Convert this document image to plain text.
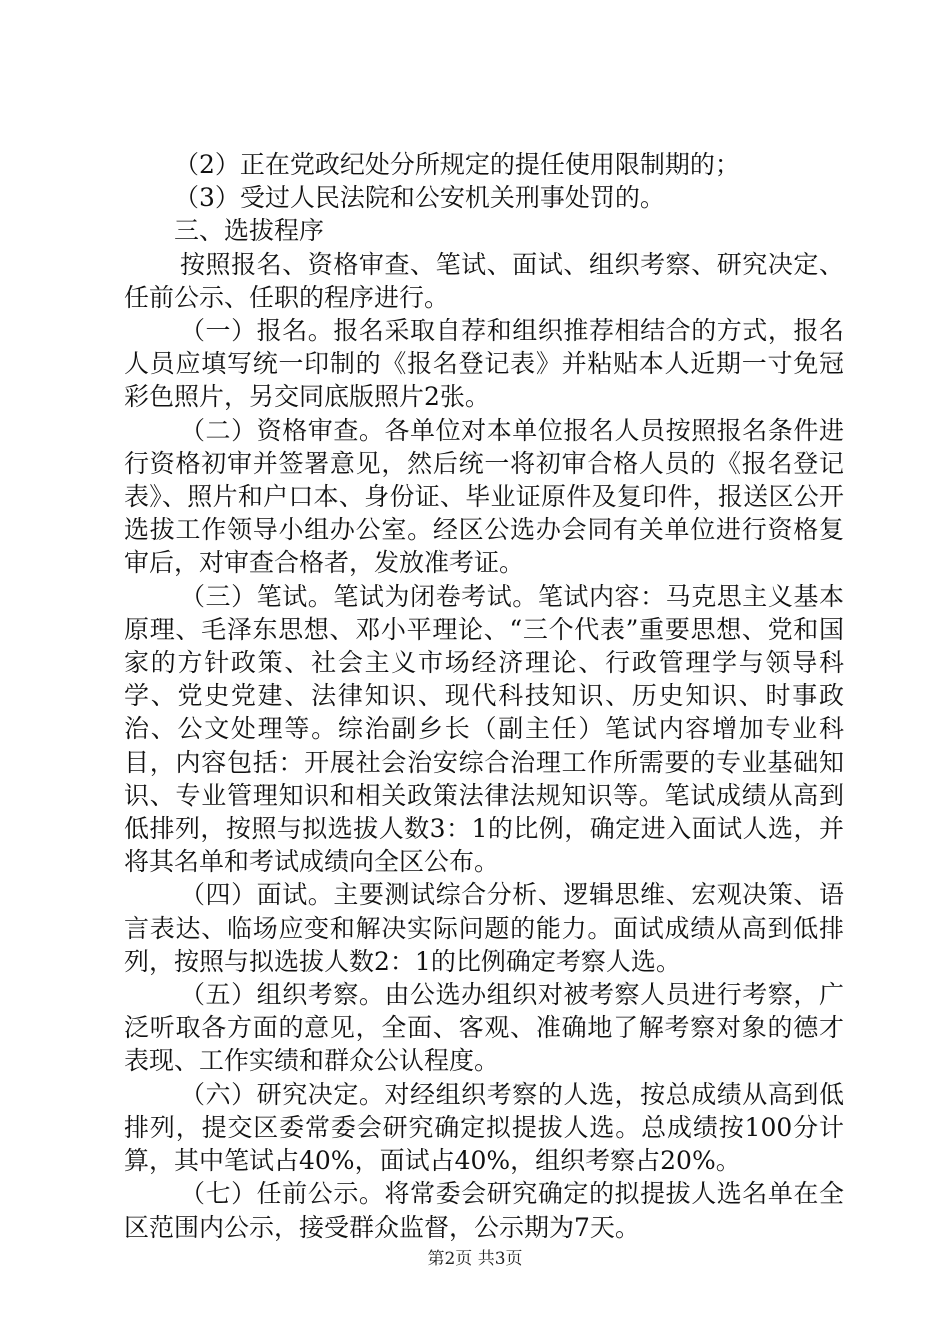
（2）正在党政纪处分所规定的提任使用限制期的；

（3）受过人民法院和公安机关刑事处罚的。

三、选拔程序

按照报名、资格审查、笔试、面试、组织考察、研究决定、任前公示、任职的程序进行。

（一）报名。报名采取自荐和组织推荐相结合的方式，报名人员应填写统一印制的《报名登记表》并粘贴本人近期一寸免冠彩色照片，另交同底版照片2张。

（二）资格审查。各单位对本单位报名人员按照报名条件进行资格初审并签署意见，然后统一将初审合格人员的《报名登记表》、照片和户口本、身份证、毕业证原件及复印件，报送区公开选拔工作领导小组办公室。经区公选办会同有关单位进行资格复审后，对审查合格者，发放准考证。

（三）笔试。笔试为闭卷考试。笔试内容：马克思主义基本原理、毛泽东思想、邓小平理论、“三个代表”重要思想、党和国家的方针政策、社会主义市场经济理论、行政管理学与领导科学、党史党建、法律知识、现代科技知识、历史知识、时事政治、公文处理等。综治副乡长（副主任）笔试内容增加专业科目，内容包括：开展社会治安综合治理工作所需要的专业基础知识、专业管理知识和相关政策法律法规知识等。笔试成绩从高到低排列，按照与拟选拔人数3：1的比例，确定进入面试人选，并将其名单和考试成绩向全区公布。

（四）面试。主要测试综合分析、逻辑思维、宏观决策、语言表达、临场应变和解决实际问题的能力。面试成绩从高到低排列，按照与拟选拔人数2：1的比例确定考察人选。

（五）组织考察。由公选办组织对被考察人员进行考察，广泛听取各方面的意见，全面、客观、准确地了解考察对象的德才表现、工作实绩和群众公认程度。

（六）研究决定。对经组织考察的人选，按总成绩从高到低排列，提交区委常委会研究确定拟提拔人选。总成绩按100分计算，其中笔试占40%，面试占40%，组织考察占20%。

（七）任前公示。将常委会研究确定的拟提拔人选名单在全区范围内公示，接受群众监督，公示期为7天。

第2页 共3页
